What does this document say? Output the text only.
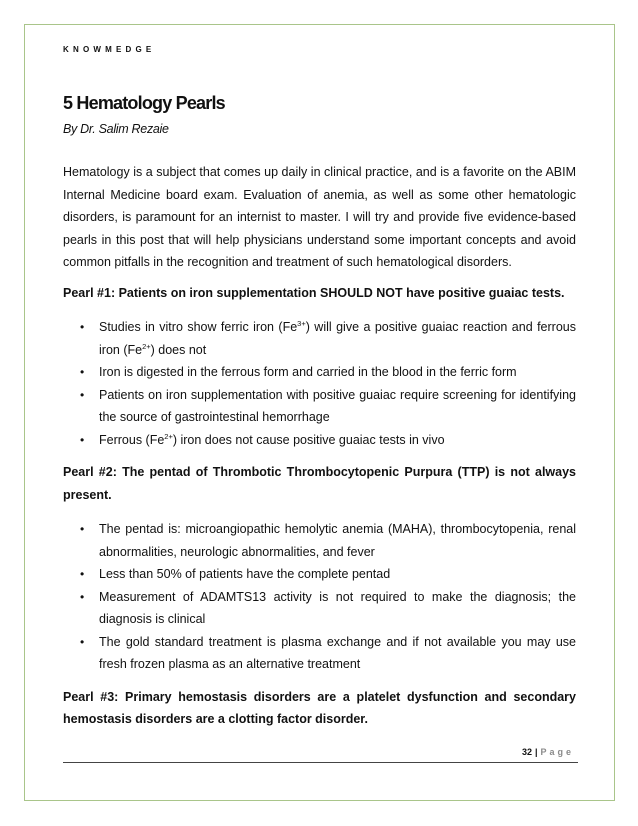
KNOWMEDGE
5 Hematology Pearls
By Dr. Salim Rezaie

Hematology is a subject that comes up daily in clinical practice, and is a favorite on the ABIM Internal Medicine board exam. Evaluation of anemia, as well as some other hematologic disorders, is paramount for an internist to master. I will try and provide five evidence-based pearls in this post that will help physicians understand some important concepts and avoid common pitfalls in the recognition and treatment of such hematological disorders.

Pearl #1: Patients on iron supplementation SHOULD NOT have positive guaiac tests.

• Studies in vitro show ferric iron $(Fe^{3+})$ will give a positive guaiac reaction and ferrous iron $(Fe^{2+})$ does not
• Iron is digested in the ferrous form and carried in the blood in the ferric form
• Patients on iron supplementation with positive guaiac require screening for identifying the source of gastrointestinal hemorrhage
• Ferrous $(Fe^{2+})$ iron does not cause positive guaiac tests in vivo

Pearl #2: The pentad of Thrombotic Thrombocytopenic Purpura (TTP) is not always present.

• The pentad is: microangiopathic hemolytic anemia (MAHA), thrombocytopenia, renal abnormalities, neurologic abnormalities, and fever
• Less than 50% of patients have the complete pentad
• Measurement of ADAMTS13 activity is not required to make the diagnosis; the diagnosis is clinical
• The gold standard treatment is plasma exchange and if not available you may use fresh frozen plasma as an alternative treatment

Pearl #3: Primary hemostasis disorders are a platelet dysfunction and secondary hemostasis disorders are a clotting factor disorder.

32 | Page
